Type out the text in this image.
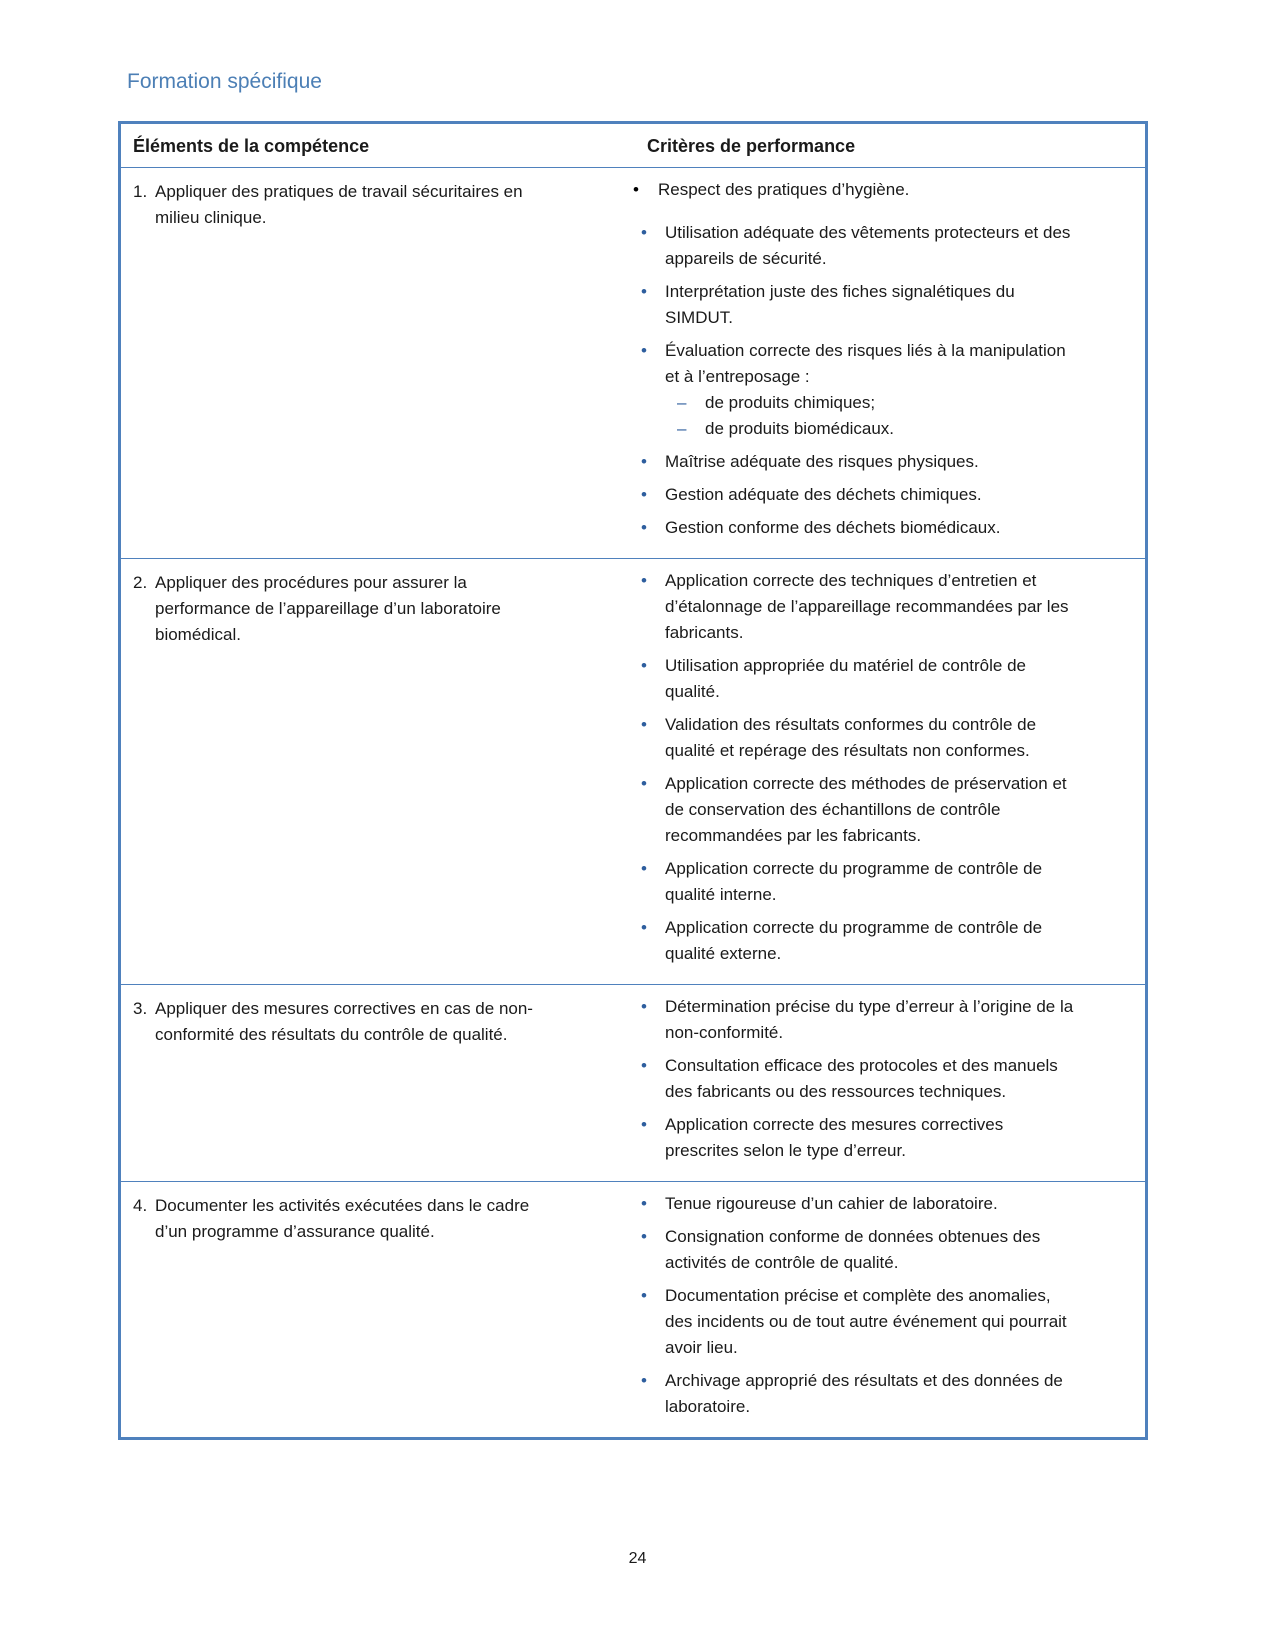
Formation spécifique
Éléments de la compétence	Critères de performance
1. Appliquer des pratiques de travail sécuritaires en milieu clinique.
• Respect des pratiques d’hygiène.
• Utilisation adéquate des vêtements protecteurs et des appareils de sécurité.
• Interprétation juste des fiches signalétiques du SIMDUT.
• Évaluation correcte des risques liés à la manipulation et à l’entreposage :
– de produits chimiques;
– de produits biomédicaux.
• Maîtrise adéquate des risques physiques.
• Gestion adéquate des déchets chimiques.
• Gestion conforme des déchets biomédicaux.
2. Appliquer des procédures pour assurer la performance de l’appareillage d’un laboratoire biomédical.
• Application correcte des techniques d’entretien et d’étalonnage de l’appareillage recommandées par les fabricants.
• Utilisation appropriée du matériel de contrôle de qualité.
• Validation des résultats conformes du contrôle de qualité et repérage des résultats non conformes.
• Application correcte des méthodes de préservation et de conservation des échantillons de contrôle recommandées par les fabricants.
• Application correcte du programme de contrôle de qualité interne.
• Application correcte du programme de contrôle de qualité externe.
3. Appliquer des mesures correctives en cas de non-conformité des résultats du contrôle de qualité.
• Détermination précise du type d’erreur à l’origine de la non-conformité.
• Consultation efficace des protocoles et des manuels des fabricants ou des ressources techniques.
• Application correcte des mesures correctives prescrites selon le type d’erreur.
4. Documenter les activités exécutées dans le cadre d’un programme d’assurance qualité.
• Tenue rigoureuse d’un cahier de laboratoire.
• Consignation conforme de données obtenues des activités de contrôle de qualité.
• Documentation précise et complète des anomalies, des incidents ou de tout autre événement qui pourrait avoir lieu.
• Archivage approprié des résultats et des données de laboratoire.
24
